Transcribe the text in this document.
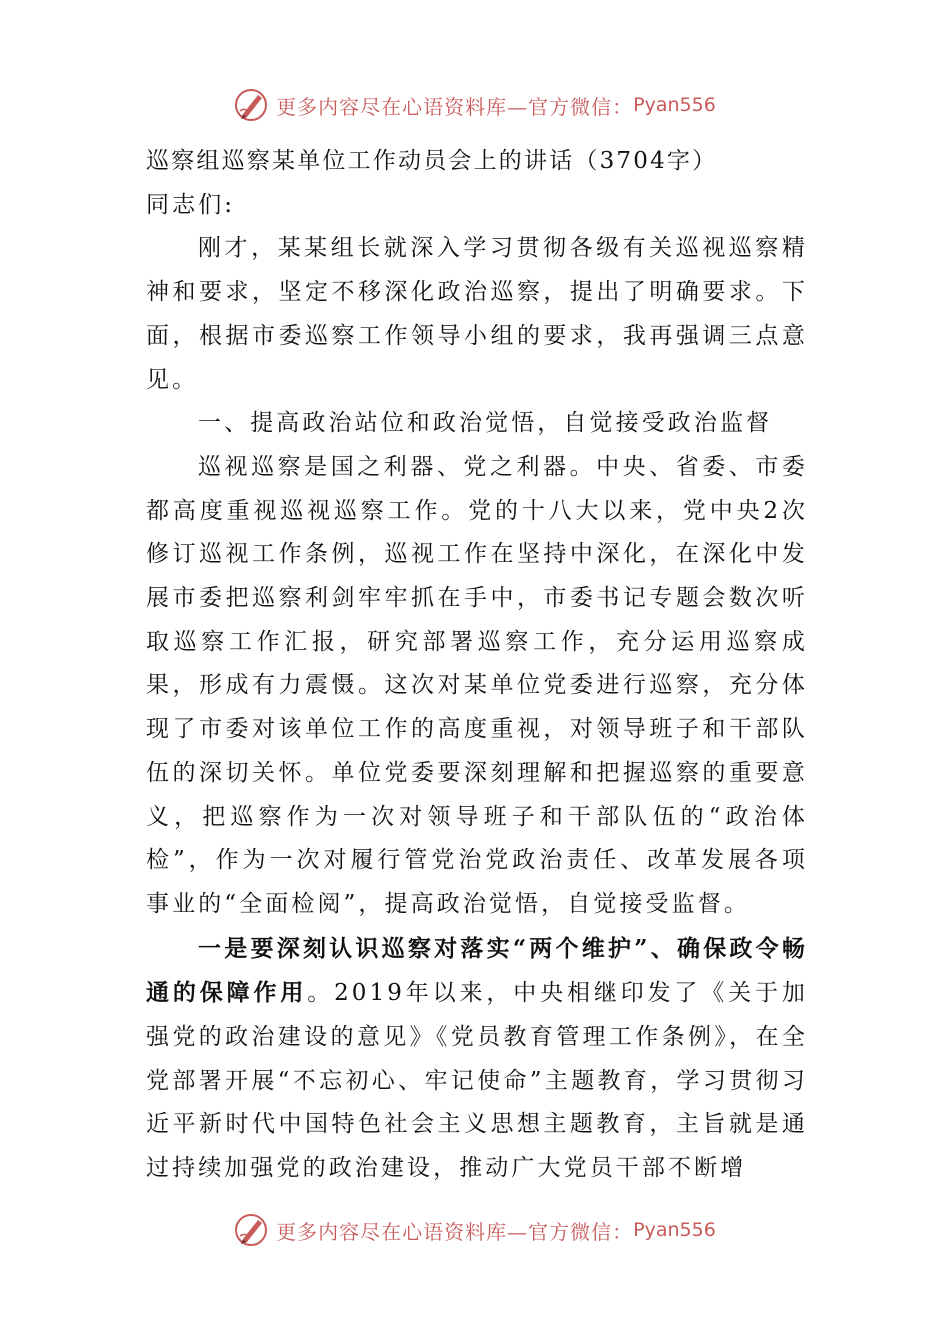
更多内容尽在心语资料库—官方微信： Pyan556

巡察组巡察某单位工作动员会上的讲话（3704字）

同志们:

刚才，某某组长就深入学习贯彻各级有关巡视巡察精神和要求，坚定不移深化政治巡察，提出了明确要求。下面，根据市委巡察工作领导小组的要求，我再强调三点意见。

一、提高政治站位和政治觉悟，自觉接受政治监督

巡视巡察是国之利器、党之利器。中央、省委、市委都高度重视巡视巡察工作。党的十八大以来，党中央2次修订巡视工作条例，巡视工作在坚持中深化，在深化中发展市委把巡察利剑牢牢抓在手中，市委书记专题会数次听取巡察工作汇报，研究部署巡察工作，充分运用巡察成果，形成有力震慑。这次对某单位党委进行巡察，充分体现了市委对该单位工作的高度重视，对领导班子和干部队伍的深切关怀。单位党委要深刻理解和把握巡察的重要意义，把巡察作为一次对领导班子和干部队伍的“政治体检”，作为一次对履行管党治党政治责任、改革发展各项事业的“全面检阅”，提高政治觉悟，自觉接受监督。

一是要深刻认识巡察对落实“两个维护”、确保政令畅通的保障作用。2019年以来，中央相继印发了《关于加强党的政治建设的意见》《党员教育管理工作条例》，在全党部署开展“不忘初心、牢记使命”主题教育，学习贯彻习近平新时代中国特色社会主义思想主题教育，主旨就是通过持续加强党的政治建设，推动广大党员干部不断增

更多内容尽在心语资料库—官方微信： Pyan556
